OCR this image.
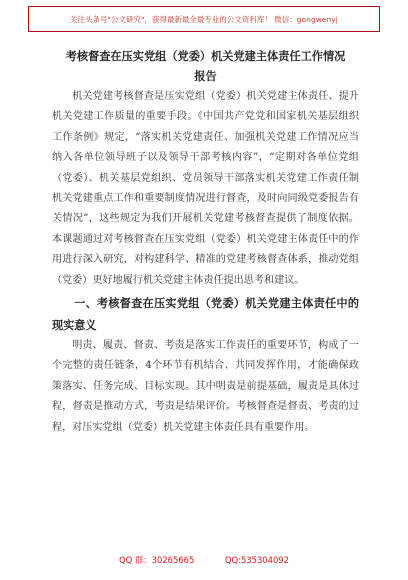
关注头条号"公文研究"，获得最新最全最专业的公文资料库！ 微信：gongwenyj
考核督查在压实党组（党委）机关党建主体责任工作情况
报告

机关党建考核督查是压实党组（党委）机关党建主体责任、提升机关党建工作质量的重要手段。《中国共产党党和国家机关基层组织工作条例》规定，“落实机关党建责任、加强机关党建工作情况应当纳入各单位领导班子以及领导干部考核内容”，“定期对各单位党组（党委）、机关基层党组织、党员领导干部落实机关党建工作责任制机关党建重点工作和重要制度情况进行督查，及时向同级党委报告有关情况”，这些规定为我们开展机关党建考核督查提供了制度依据。本课题通过对考核督查在压实党组（党委）机关党建主体责任中的作用进行深入研究，对构建科学、精准的党建考核督查体系，推动党组（党委）更好地履行机关党建主体责任提出思考和建议。

一、考核督查在压实党组（党委）机关党建主体责任中的现实意义

明责、履责、督责、考责是落实工作责任的重要环节，构成了一个完整的责任链条，4个环节有机结合、共同发挥作用，才能确保政策落实、任务完成、目标实现。其中明责是前提基础，履责是具体过程，督责是推动方式，考责是结果评价。考核督查是督责、考责的过程，对压实党组（党委）机关党建主体责任具有重要作用。

QQ 群：30265665	QQ:535304092
